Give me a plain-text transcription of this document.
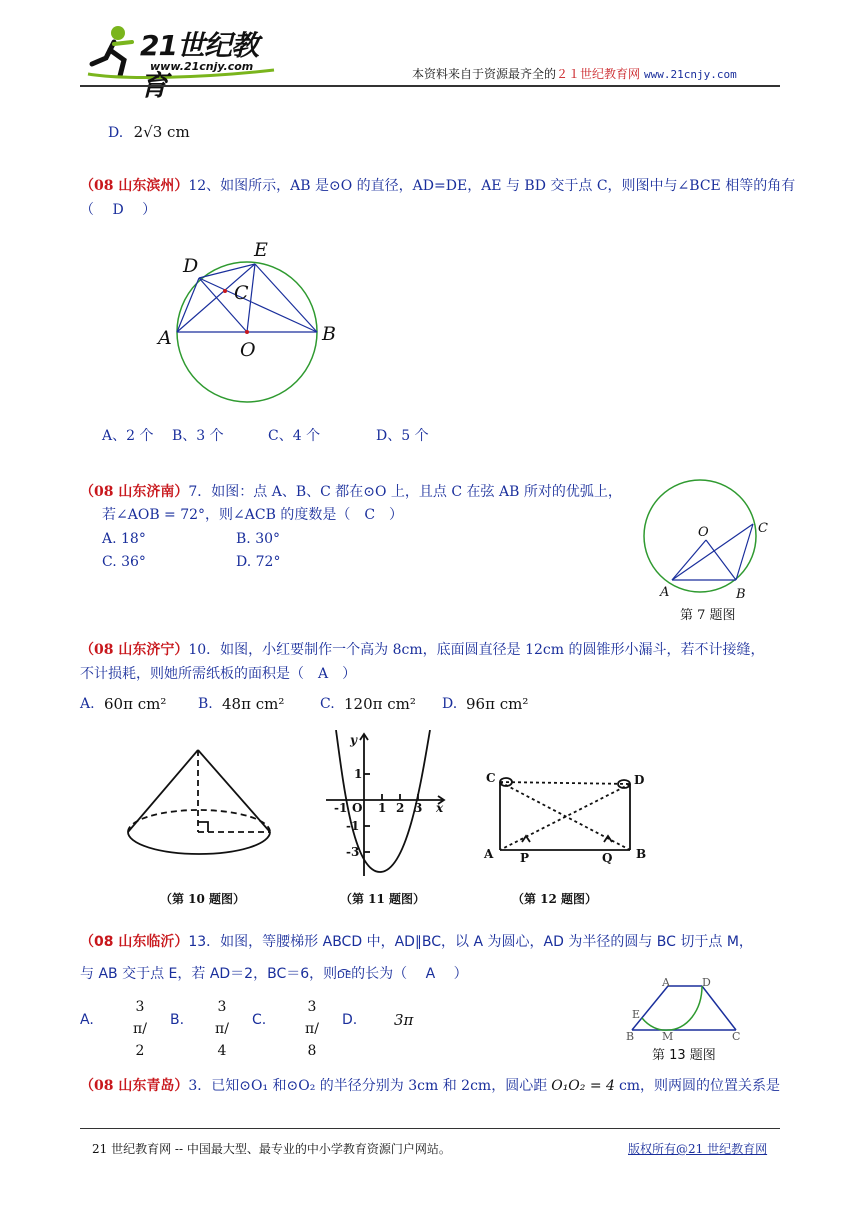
21世纪教育
www.21cnjy.com
本资料来自于资源最齐全的２１世纪教育网 www.21cnjy.com
D. 2√3 cm
（08 山东滨州）12、如图所示，AB 是⊙O 的直径，AD=DE，AE 与 BD 交于点 C，则图中与∠BCE 相等的角有
（　 D　 ）
D
E
C
A
O
B
A、2 个 B、3 个	C、4 个	D、5 个
（08 山东济南）7．如图：点 A、B、C 都在⊙O 上，且点 C 在弦 AB 所对的优弧上，
若∠AOB = 72°，则∠ACB 的度数是（　C　）
A. 18°	B. 30°
C. 36°	D. 72°
O	C
A	B
第 7 题图
（08 山东济宁）10．如图，小红要制作一个高为 8cm，底面圆直径是 12cm 的圆锥形小漏斗，若不计接缝，
不计损耗，则她所需纸板的面积是（　A　）
A. 60π cm² B. 48π cm²	C. 120π cm² D. 96π cm²
y
x
O 1 2 3
-1
1
-1
-3
C	D
A P	Q B
（第 10 题图）	（第 11 题图）	（第 12 题图）
（08 山东临沂）13．如图，等腰梯形 ABCD 中，AD∥BC，以 A 为圆心，AD 为半径的圆与 BC 切于点 M，
与 AB 交于点 E，若 AD＝2，BC＝6，则DE的长为（　 A　 ）
A.
3π/2
B.
3π/4
C.
3π/8
D. 3π
A	D
E
B	M	C
第 13 题图
（08 山东青岛）3．已知⊙O₁ 和⊙O₂ 的半径分别为 3cm 和 2cm，圆心距 O₁O₂ = 4 cm，则两圆的位置关系是
21 世纪教育网 -- 中国最大型、最专业的中小学教育资源门户网站。	版权所有@21 世纪教育网
